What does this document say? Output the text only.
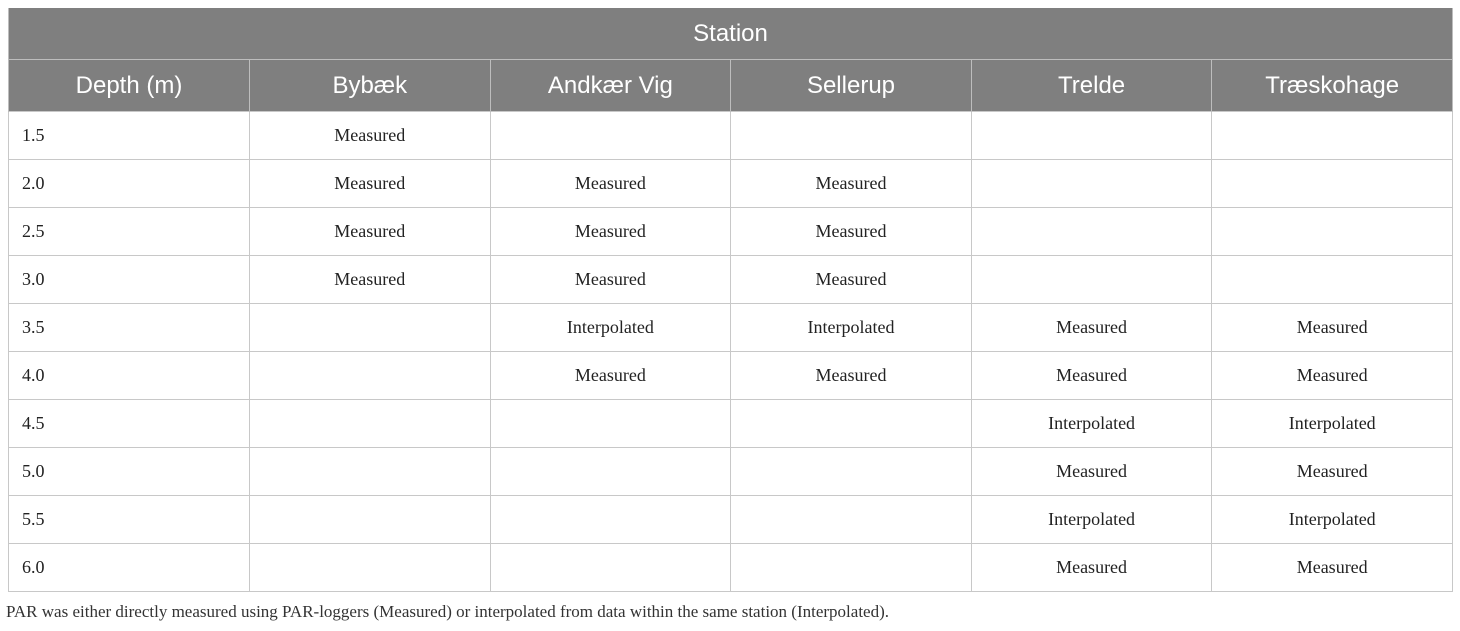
Station					
Depth (m)	Bybæk	Andkær Vig	Sellerup	Trelde	Træskohage
1.5	Measured				
2.0	Measured	Measured	Measured		
2.5	Measured	Measured	Measured		
3.0	Measured	Measured	Measured		
3.5		Interpolated	Interpolated	Measured	Measured
4.0		Measured	Measured	Measured	Measured
4.5				Interpolated	Interpolated
5.0				Measured	Measured
5.5				Interpolated	Interpolated
6.0				Measured	Measured
PAR was either directly measured using PAR-loggers (Measured) or interpolated from data within the same station (Interpolated).
